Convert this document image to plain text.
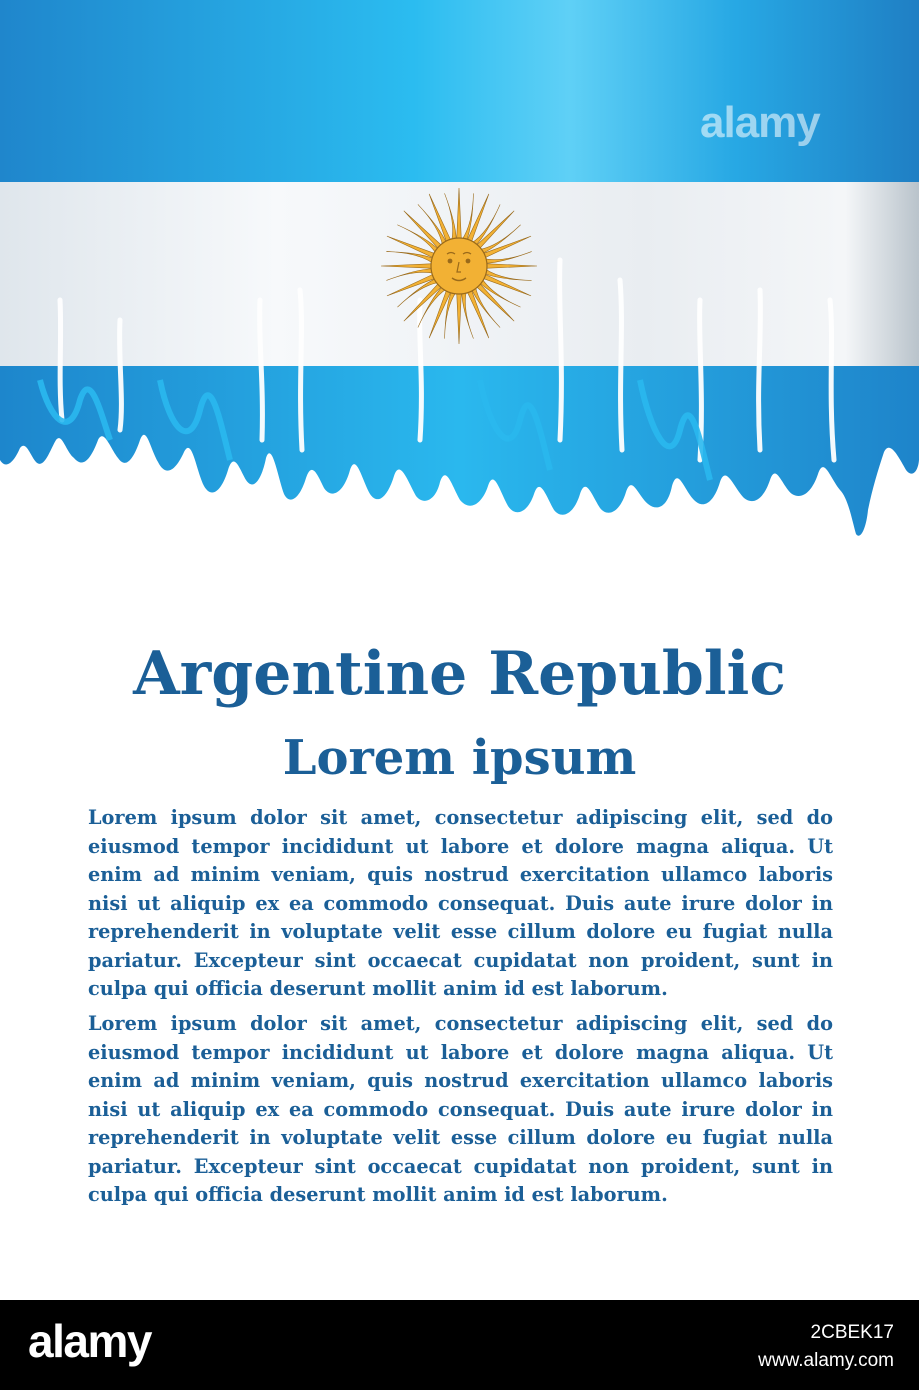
alamy
Argentine Republic
Lorem ipsum

Lorem ipsum dolor sit amet, consectetur adipiscing elit, sed do eiusmod tempor incididunt ut labore et dolore magna aliqua. Ut enim ad minim veniam, quis nostrud exercitation ullamco laboris nisi ut aliquip ex ea commodo consequat. Duis aute irure dolor in reprehenderit in voluptate velit esse cillum dolore eu fugiat nulla pariatur. Excepteur sint occaecat cupidatat non proident, sunt in culpa qui officia deserunt mollit anim id est laborum.

Lorem ipsum dolor sit amet, consectetur adipiscing elit, sed do eiusmod tempor incididunt ut labore et dolore magna aliqua. Ut enim ad minim veniam, quis nostrud exercitation ullamco laboris nisi ut aliquip ex ea commodo consequat. Duis aute irure dolor in reprehenderit in voluptate velit esse cillum dolore eu fugiat nulla pariatur. Excepteur sint occaecat cupidatat non proident, sunt in culpa qui officia deserunt mollit anim id est laborum.

alamy	2CBEK17
www.alamy.com
